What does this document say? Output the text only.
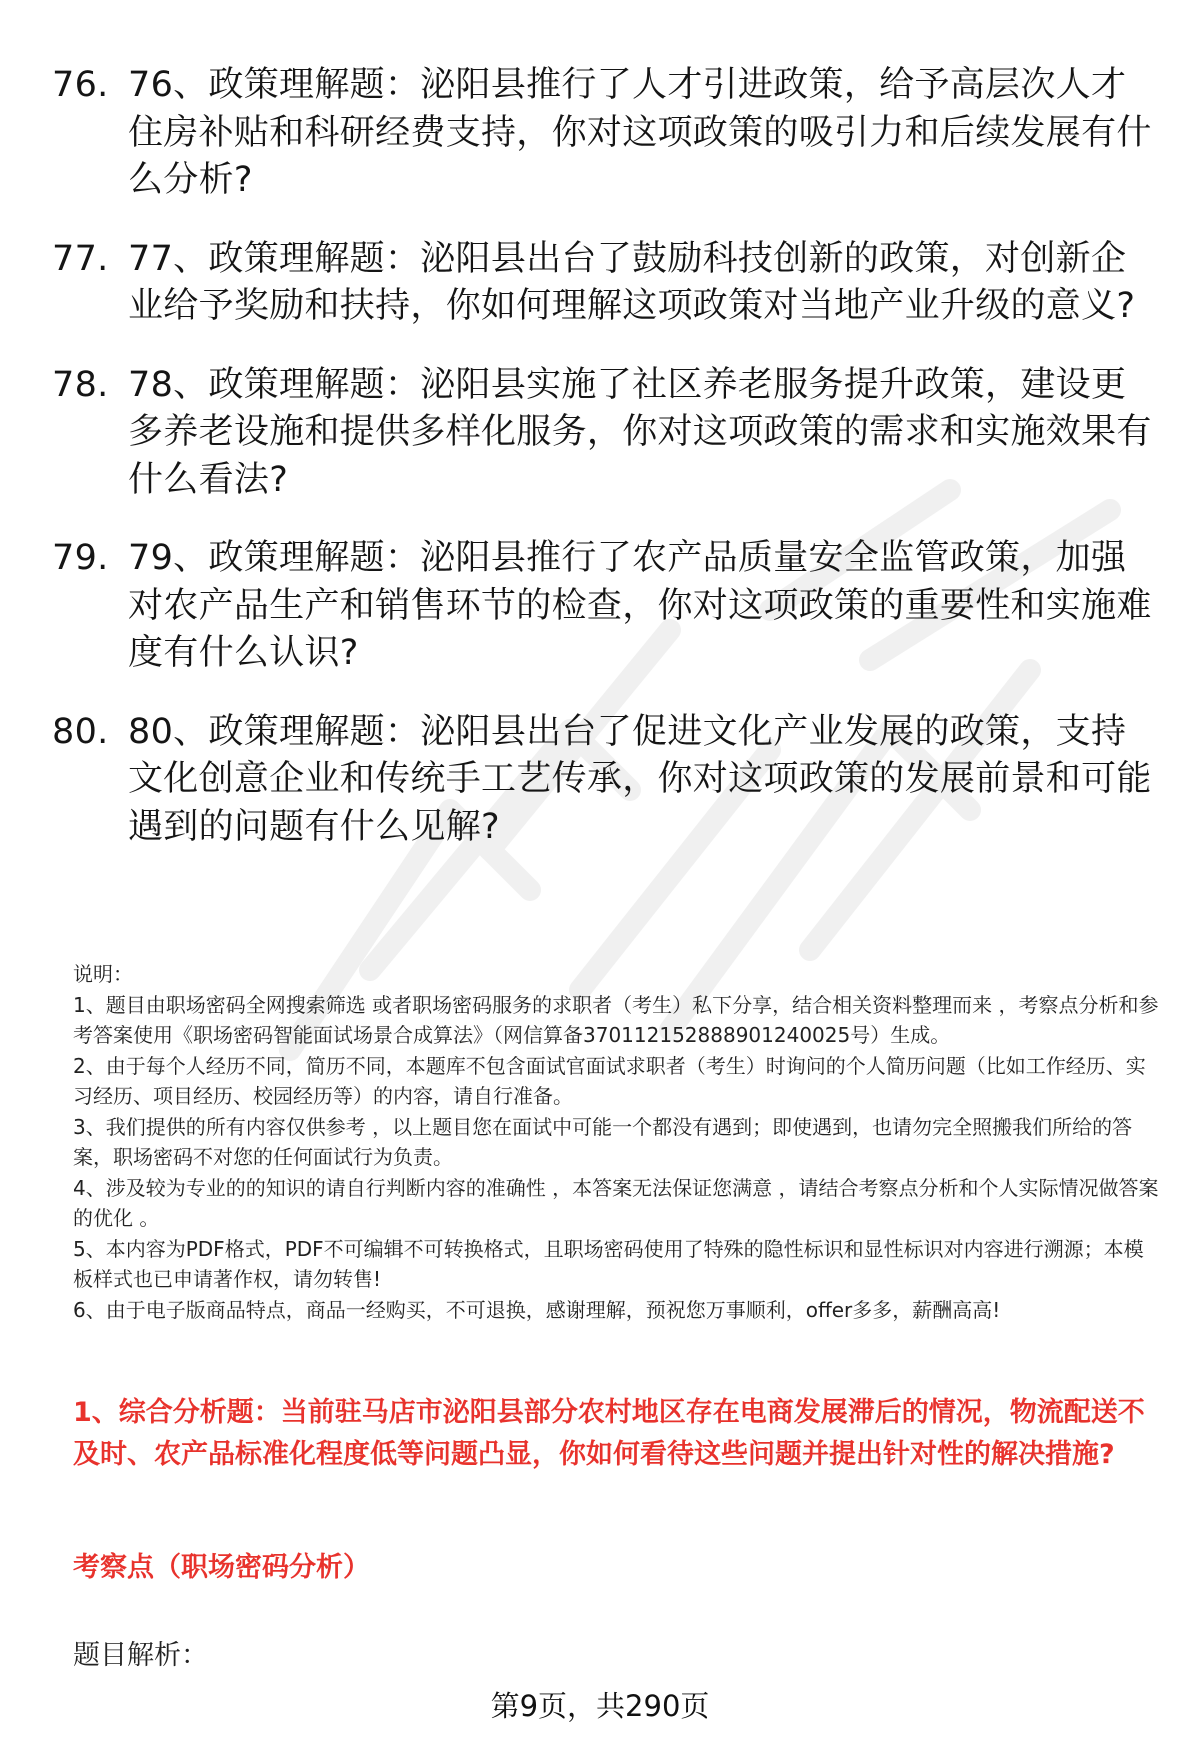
76. 76、政策理解题：泌阳县推行了人才引进政策，给予高层次人才住房补贴和科研经费支持，你对这项政策的吸引力和后续发展有什么分析?
77. 77、政策理解题：泌阳县出台了鼓励科技创新的政策，对创新企业给予奖励和扶持，你如何理解这项政策对当地产业升级的意义?
78. 78、政策理解题：泌阳县实施了社区养老服务提升政策，建设更多养老设施和提供多样化服务，你对这项政策的需求和实施效果有什么看法?
79. 79、政策理解题：泌阳县推行了农产品质量安全监管政策，加强对农产品生产和销售环节的检查，你对这项政策的重要性和实施难度有什么认识?
80. 80、政策理解题：泌阳县出台了促进文化产业发展的政策，支持文化创意企业和传统手工艺传承，你对这项政策的发展前景和可能遇到的问题有什么见解?
说明：
1、题目由职场密码全网搜索筛选 或者职场密码服务的求职者（考生）私下分享，结合相关资料整理而来 ，考察点分析和参考答案使用《职场密码智能面试场景合成算法》（网信算备370112152888901240025号）生成。
2、由于每个人经历不同，简历不同，本题库不包含面试官面试求职者（考生）时询问的个人简历问题（比如工作经历、实习经历、项目经历、校园经历等）的内容，请自行准备。
3、我们提供的所有内容仅供参考 ，以上题目您在面试中可能一个都没有遇到；即使遇到，也请勿完全照搬我们所给的答案，职场密码不对您的任何面试行为负责。
4、涉及较为专业的的知识的请自行判断内容的准确性 ，本答案无法保证您满意 ，请结合考察点分析和个人实际情况做答案的优化 。
5、本内容为PDF格式，PDF不可编辑不可转换格式，且职场密码使用了特殊的隐性标识和显性标识对内容进行溯源；本模板样式也已申请著作权，请勿转售!
6、由于电子版商品特点，商品一经购买，不可退换，感谢理解，预祝您万事顺利，offer多多，薪酬高高!
1、综合分析题：当前驻马店市泌阳县部分农村地区存在电商发展滞后的情况，物流配送不及时、农产品标准化程度低等问题凸显，你如何看待这些问题并提出针对性的解决措施?
考察点（职场密码分析）
题目解析：
第9页，共290页
